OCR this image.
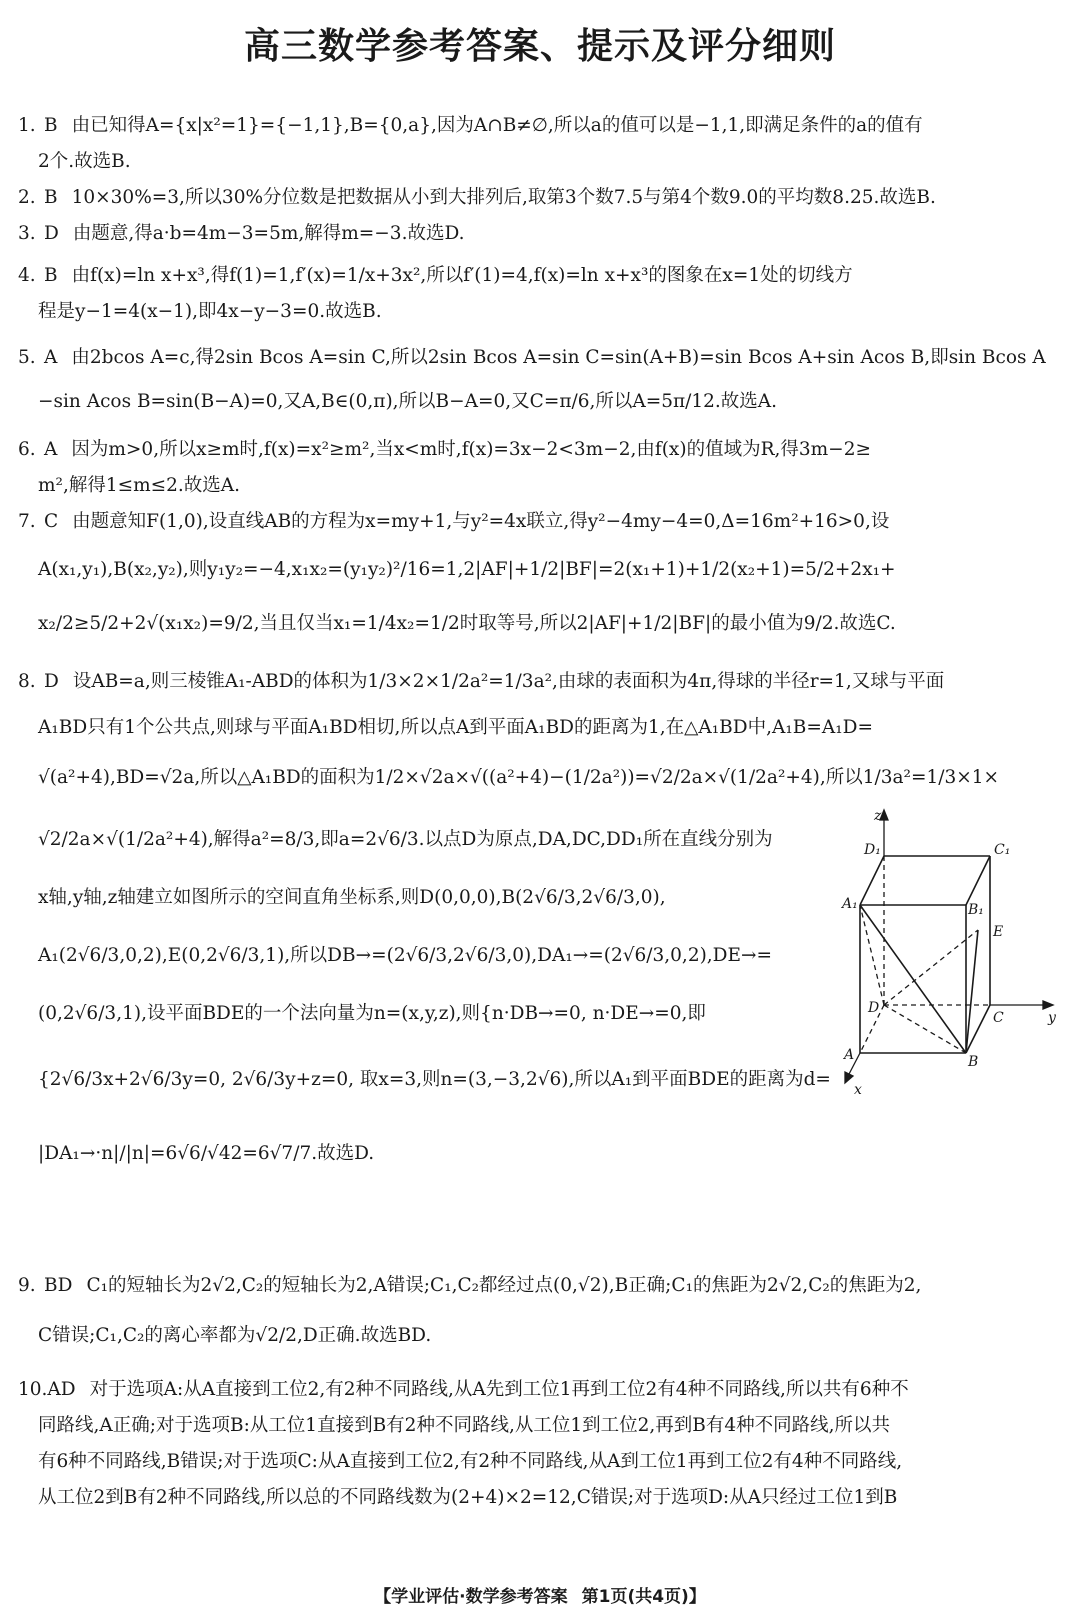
高三数学参考答案、提示及评分细则
1. B 由已知得A={x|x²=1}={−1,1},B={0,a},因为A∩B≠∅,所以a的值可以是−1,1,即满足条件的a的值有
2个.故选B.
2. B 10×30%=3,所以30%分位数是把数据从小到大排列后,取第3个数7.5与第4个数9.0的平均数8.25.故选B.
3. D 由题意,得a·b=4m−3=5m,解得m=−3.故选D.
4. B 由f(x)=ln x+x³,得f(1)=1,f′(x)=1/x+3x²,所以f′(1)=4,f(x)=ln x+x³的图象在x=1处的切线方
程是y−1=4(x−1),即4x−y−3=0.故选B.
5. A 由2bcos A=c,得2sin Bcos A=sin C,所以2sin Bcos A=sin C=sin(A+B)=sin Bcos A+sin Acos B,即sin Bcos A
−sin Acos B=sin(B−A)=0,又A,B∈(0,π),所以B−A=0,又C=π/6,所以A=5π/12.故选A.
6. A 因为m>0,所以x≥m时,f(x)=x²≥m²,当x<m时,f(x)=3x−2<3m−2,由f(x)的值域为R,得3m−2≥
m²,解得1≤m≤2.故选A.
7. C 由题意知F(1,0),设直线AB的方程为x=my+1,与y²=4x联立,得y²−4my−4=0,Δ=16m²+16>0,设
A(x₁,y₁),B(x₂,y₂),则y₁y₂=−4,x₁x₂=(y₁y₂)²/16=1,2|AF|+1/2|BF|=2(x₁+1)+1/2(x₂+1)=5/2+2x₁+
x₂/2≥5/2+2√(x₁x₂)=9/2,当且仅当x₁=1/4x₂=1/2时取等号,所以2|AF|+1/2|BF|的最小值为9/2.故选C.
8. D 设AB=a,则三棱锥A₁-ABD的体积为1/3×2×1/2a²=1/3a²,由球的表面积为4π,得球的半径r=1,又球与平面
A₁BD只有1个公共点,则球与平面A₁BD相切,所以点A到平面A₁BD的距离为1,在△A₁BD中,A₁B=A₁D=
√(a²+4),BD=√2a,所以△A₁BD的面积为1/2×√2a×√((a²+4)−(1/2a²))=√2/2a×√(1/2a²+4),所以1/3a²=1/3×1×
√2/2a×√(1/2a²+4),解得a²=8/3,即a=2√6/3.以点D为原点,DA,DC,DD₁所在直线分别为
x轴,y轴,z轴建立如图所示的空间直角坐标系,则D(0,0,0),B(2√6/3,2√6/3,0),
A₁(2√6/3,0,2),E(0,2√6/3,1),所以DB→=(2√6/3,2√6/3,0),DA₁→=(2√6/3,0,2),DE→=
(0,2√6/3,1),设平面BDE的一个法向量为n=(x,y,z),则{n·DB→=0, n·DE→=0,即
{2√6/3x+2√6/3y=0, 2√6/3y+z=0, 取x=3,则n=(3,−3,2√6),所以A₁到平面BDE的距离为d=
|DA₁→·n|/|n|=6√6/√42=6√7/7.故选D.
9. BD C₁的短轴长为2√2,C₂的短轴长为2,A错误;C₁,C₂都经过点(0,√2),B正确;C₁的焦距为2√2,C₂的焦距为2,
C错误;C₁,C₂的离心率都为√2/2,D正确.故选BD.
10.AD 对于选项A:从A直接到工位2,有2种不同路线,从A先到工位1再到工位2有4种不同路线,所以共有6种不
同路线,A正确;对于选项B:从工位1直接到B有2种不同路线,从工位1到工位2,再到B有4种不同路线,所以共
有6种不同路线,B错误;对于选项C:从A直接到工位2,有2种不同路线,从A到工位1再到工位2有4种不同路线,
从工位2到B有2种不同路线,所以总的不同路线数为(2+4)×2=12,C错误;对于选项D:从A只经过工位1到B
z
D₁	C₁
A₁	B₁
E
D
C	y
A	B
x
【学业评估·数学参考答案 第1页(共4页)】
